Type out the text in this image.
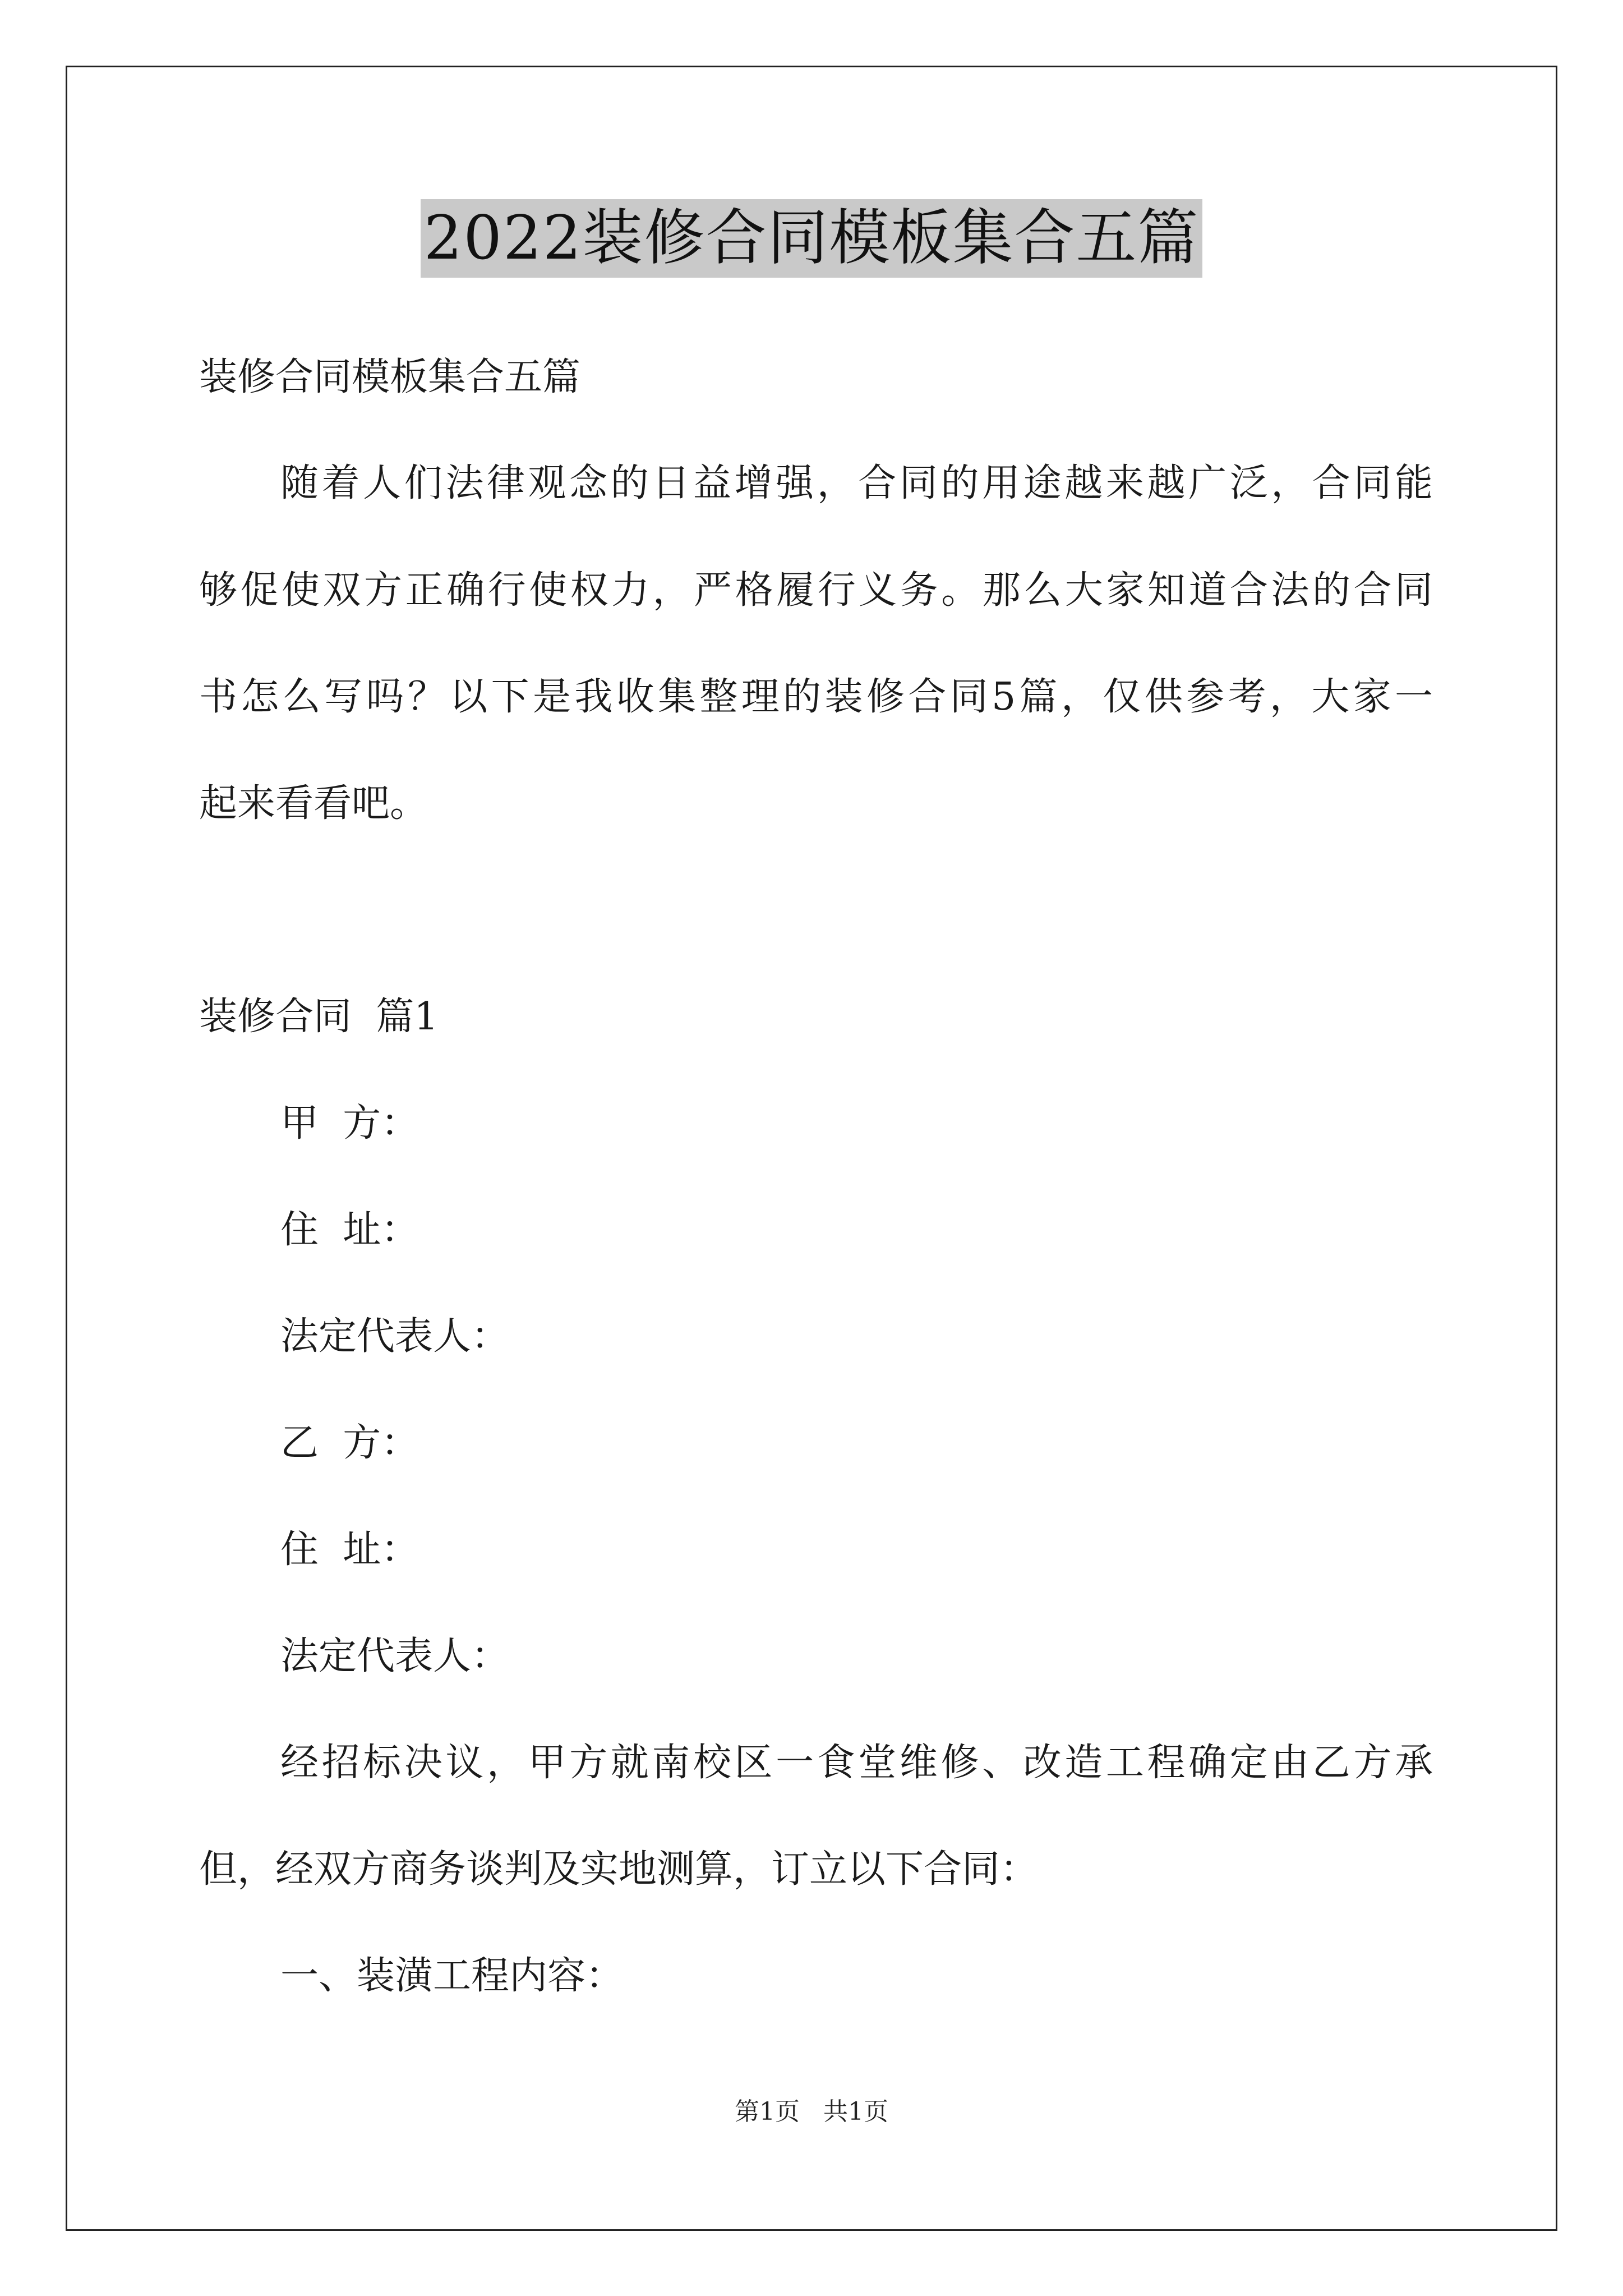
2022装修合同模板集合五篇
装修合同模板集合五篇
随着人们法律观念的日益增强，合同的用途越来越广泛，合同能
够促使双方正确行使权力，严格履行义务。那么大家知道合法的合同
书怎么写吗？以下是我收集整理的装修合同5篇，仅供参考，大家一
起来看看吧。
装修合同  篇1
甲  方：
住  址：
法定代表人：
乙  方：
住  址：
法定代表人：
经招标决议，甲方就南校区一食堂维修、改造工程确定由乙方承
但，经双方商务谈判及实地测算，订立以下合同：
一、装潢工程内容：
第1页 共1页
